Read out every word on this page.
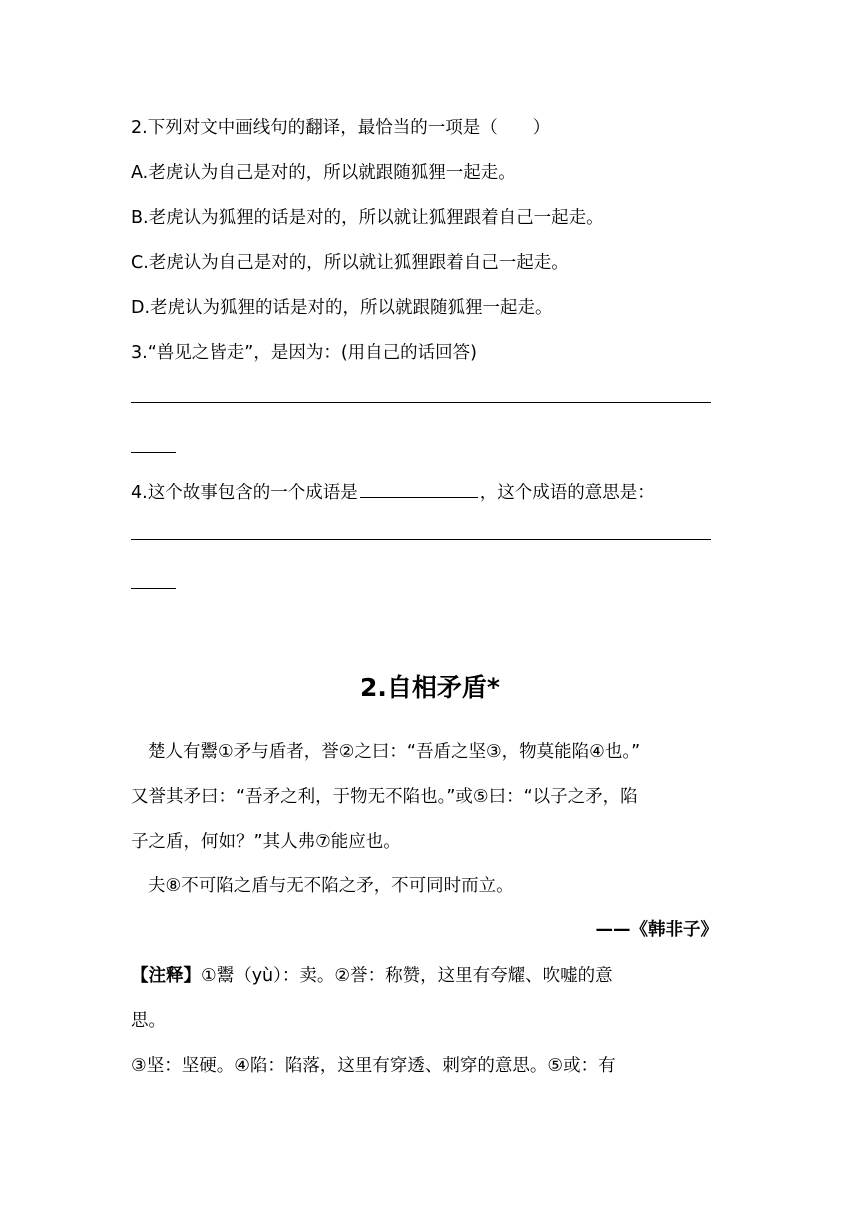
2.下列对文中画线句的翻译，最恰当的一项是（　　）
A.老虎认为自己是对的，所以就跟随狐狸一起走。
B.老虎认为狐狸的话是对的，所以就让狐狸跟着自己一起走。
C.老虎认为自己是对的，所以就让狐狸跟着自己一起走。
D.老虎认为狐狸的话是对的，所以就跟随狐狸一起走。
3.“兽见之皆走”，是因为：(用自己的话回答)
4.这个故事包含的一个成语是	，这个成语的意思是：
2.自相矛盾*
楚人有鬻①矛与盾者，誉②之曰：“吾盾之坚③，物莫能陷④也。”
又誉其矛曰：“吾矛之利，于物无不陷也。”或⑤曰：“以子之矛，陷
子之盾，何如？”其人弗⑦能应也。
夫⑧不可陷之盾与无不陷之矛，不可同时而立。
——《韩非子》
【注释】①鬻（yù）：卖。②誉：称赞，这里有夸耀、吹嘘的意
思。
③坚：坚硬。④陷：陷落，这里有穿透、刺穿的意思。⑤或：有
